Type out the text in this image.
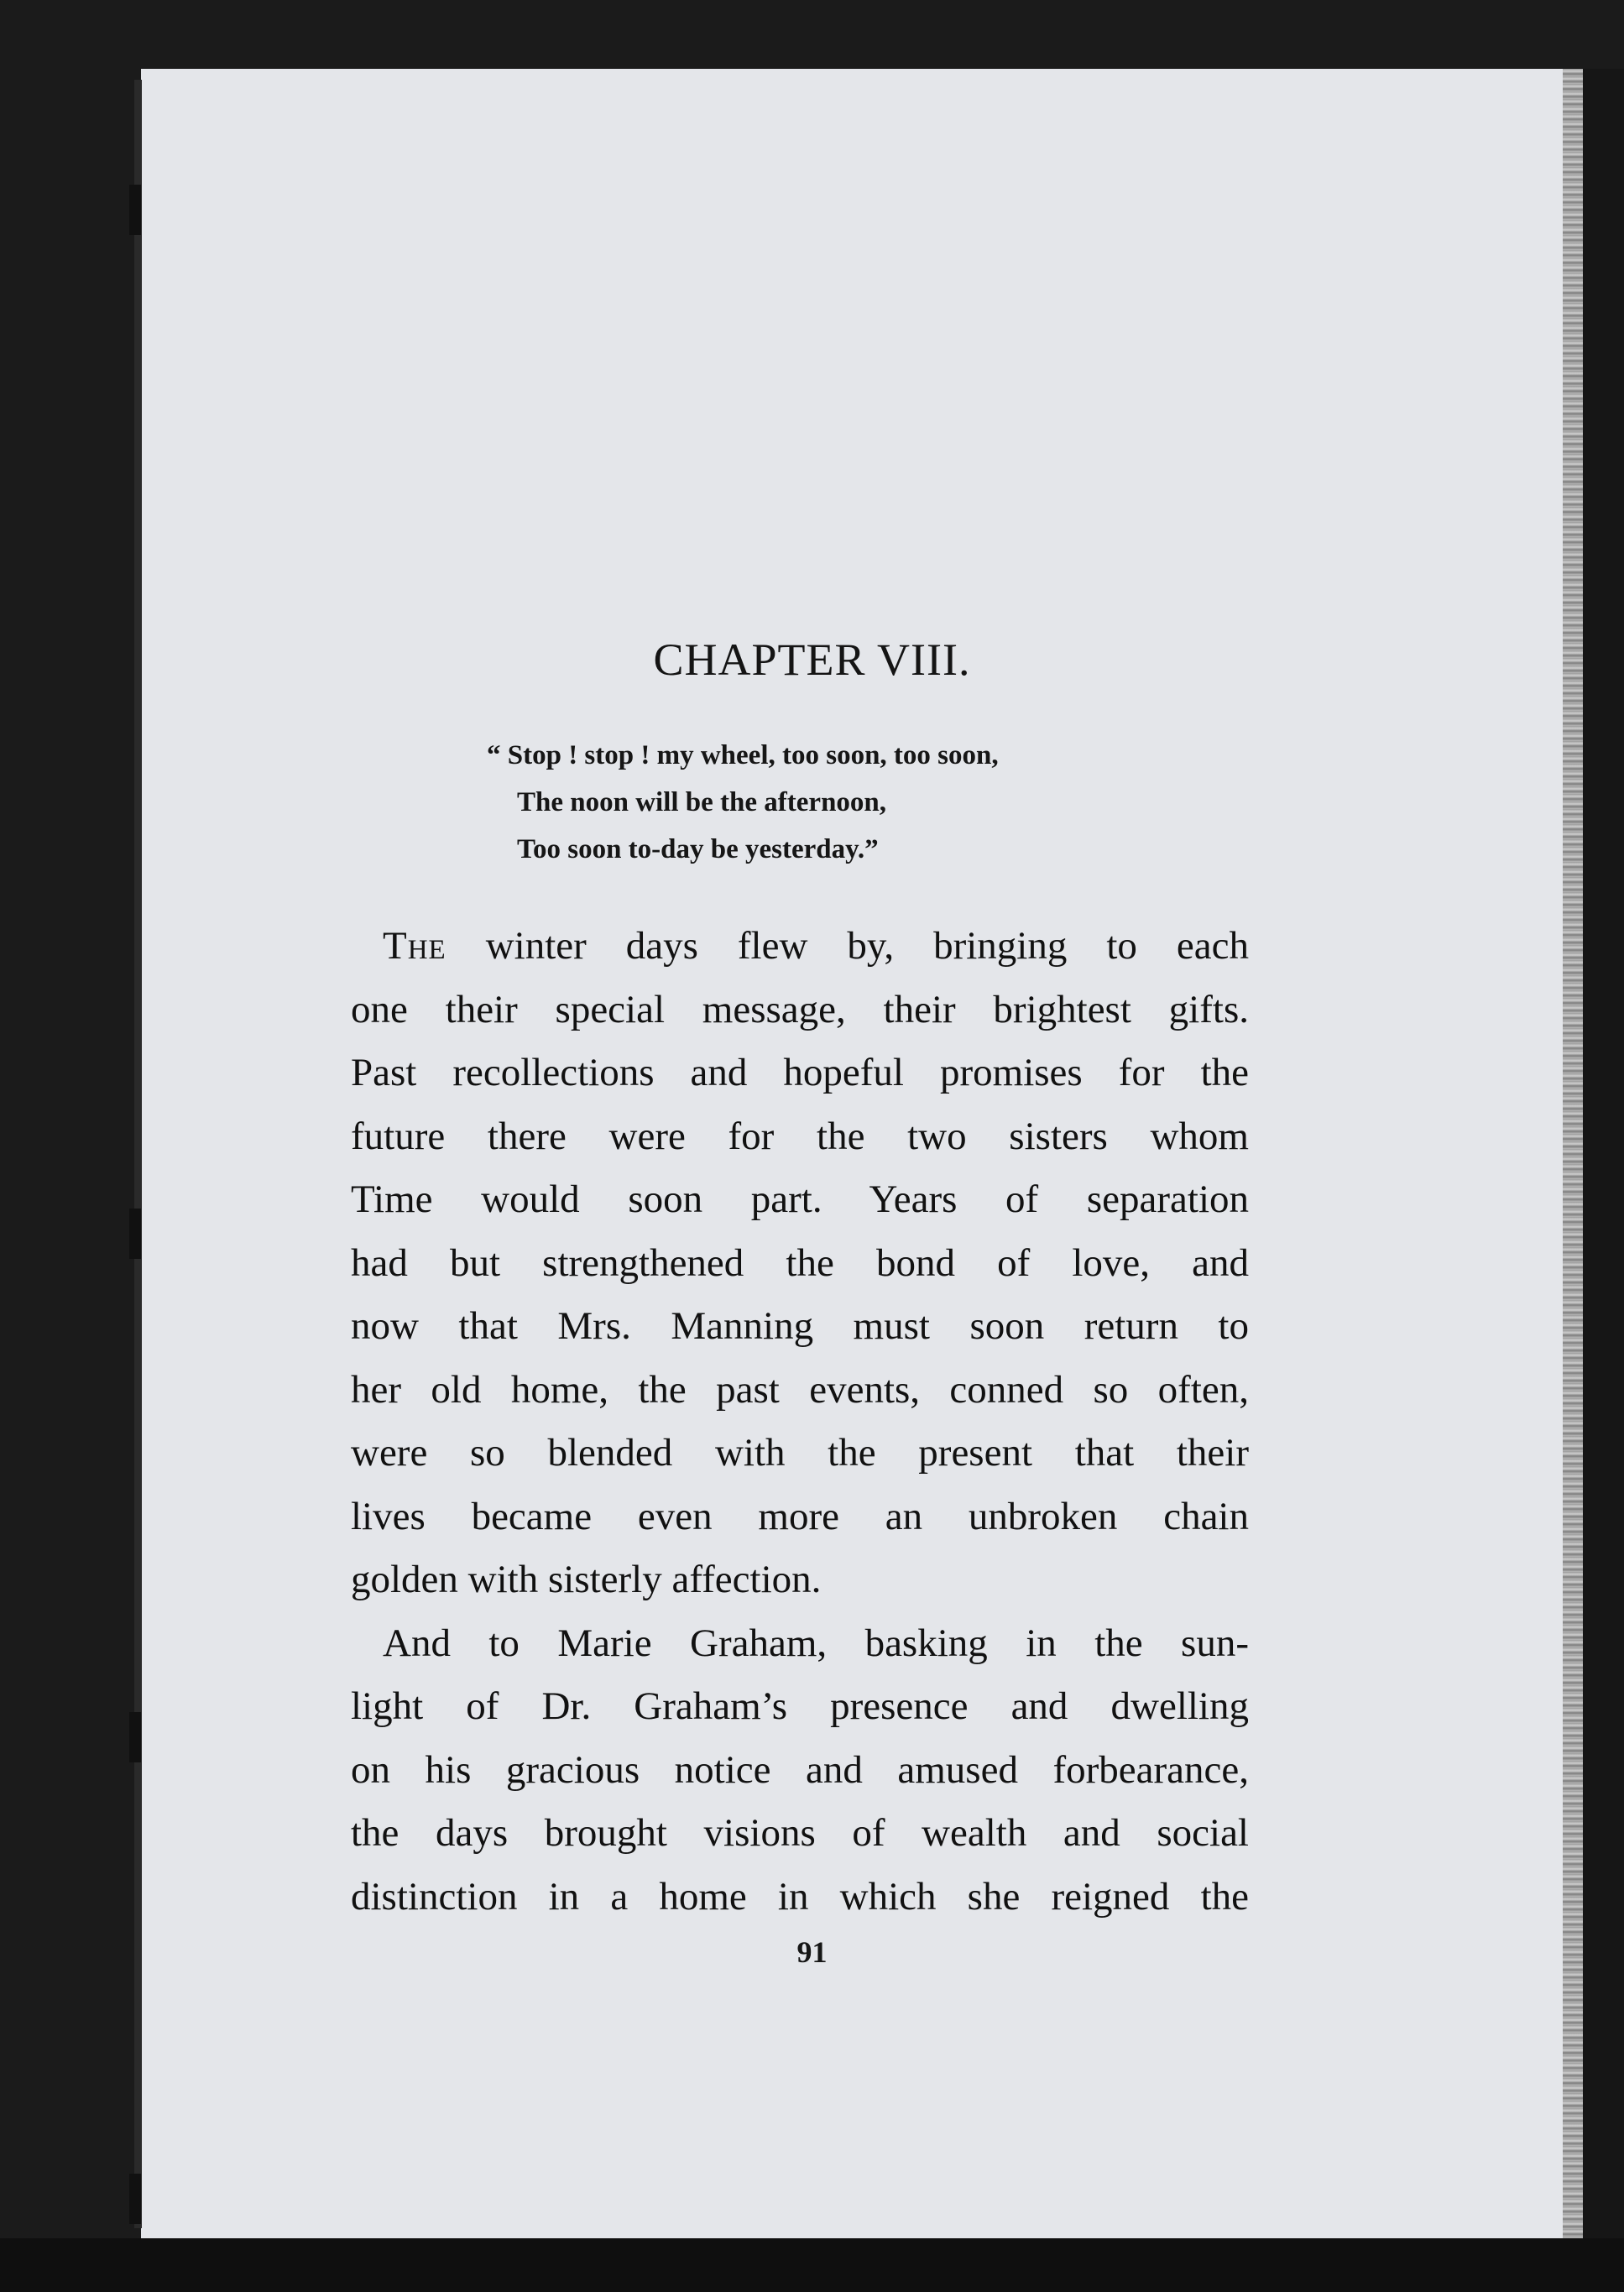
CHAPTER VIII.
“ Stop ! stop ! my wheel, too soon, too soon,
The noon will be the afternoon,
Too soon to-day be yesterday.”
The winter days flew by, bringing to each
one their special message, their brightest gifts.
Past recollections and hopeful promises for the
future there were for the two sisters whom
Time would soon part. Years of separation
had but strengthened the bond of love, and
now that Mrs. Manning must soon return to
her old home, the past events, conned so often,
were so blended with the present that their
lives became even more an unbroken chain
golden with sisterly affection.
And to Marie Graham, basking in the sun-
light of Dr. Graham’s presence and dwelling
on his gracious notice and amused forbearance,
the days brought visions of wealth and social
distinction in a home in which she reigned the
91
